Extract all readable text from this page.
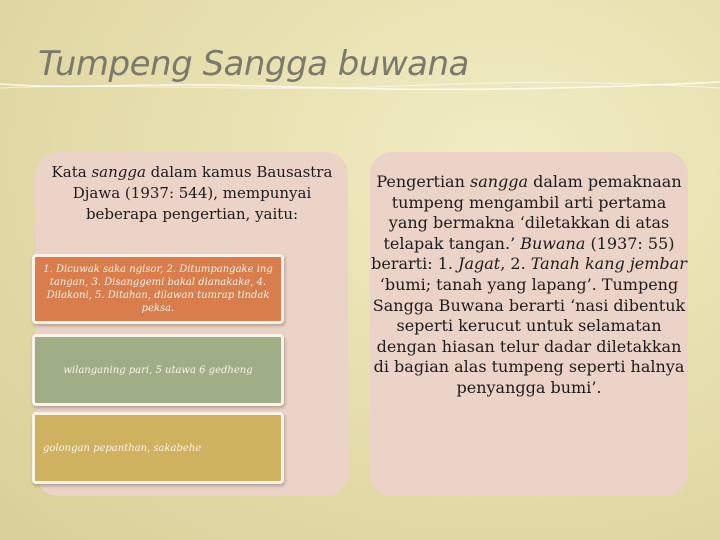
Tumpeng Sangga buwana
Kata sangga dalam kamus Bausastra Djawa (1937: 544), mempunyai beberapa pengertian, yaitu:
1. Dicuwak saka ngisor, 2. Ditumpangake ing tangan, 3. Disanggemi bakal dianakake, 4. Dilakoni, 5. Ditahan, dilawan tumrap tindak peksa.
wilanganing pari, 5 utawa 6 gedheng
golongan pepanthan, sakabehe
Pengertian sangga dalam pemaknaan tumpeng mengambil arti pertama yang bermakna ‘diletakkan di atas telapak tangan.’ Buwana (1937: 55) berarti: 1. Jagat, 2. Tanah kang jembar ‘bumi; tanah yang lapang’. Tumpeng Sangga Buwana berarti ‘nasi dibentuk seperti kerucut untuk selamatan dengan hiasan telur dadar diletakkan di bagian alas tumpeng seperti halnya penyangga bumi’.
